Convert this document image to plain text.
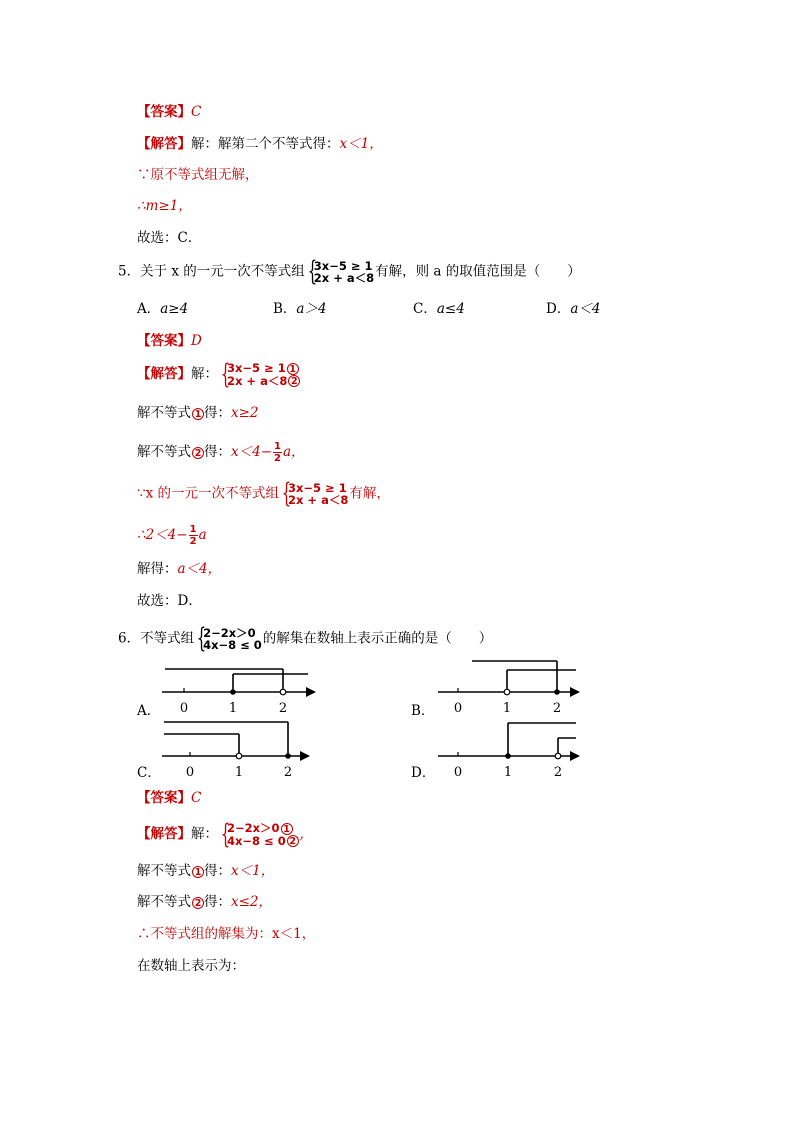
【答案】C
【解答】解：解第二个不等式得：x＜1，
∵原不等式组无解，
∴m≥1，
故选：C．
5．关于 x 的一元一次不等式组 {
3x−5 ≥ 1
2x + a＜8 有解，则 a 的取值范围是（　　）
A．a≥4	B．a＞4	C．a≤4	D．a＜4
【答案】D
【解答】解： {
3x−5 ≥ 1 1
2x + a＜8 2
解不等式 1 得：x≥2
解不等式 2 得：$x<4- \frac{1}{2}$ a，
∵x 的一元一次不等式组 {
3x−5 ≥ 1
2x + a＜8 有解，
∴2＜4− $\frac{1}{2}$ a
解得：a＜4，
故选：D．
6．不等式组 {
2−2x＞0
4x−8 ≤ 0 的解集在数轴上表示正确的是（　　）
A． 0	1	2	B． 0	1	2
C． 0	1	2	D． 0	1	2
【答案】C
【解答】解： {
2−2x＞0 1
4x−8 ≤ 0 2 ,
解不等式 1 得：x＜1，
解不等式 2 得：x≤2，
∴不等式组的解集为：x＜1，
在数轴上表示为：
